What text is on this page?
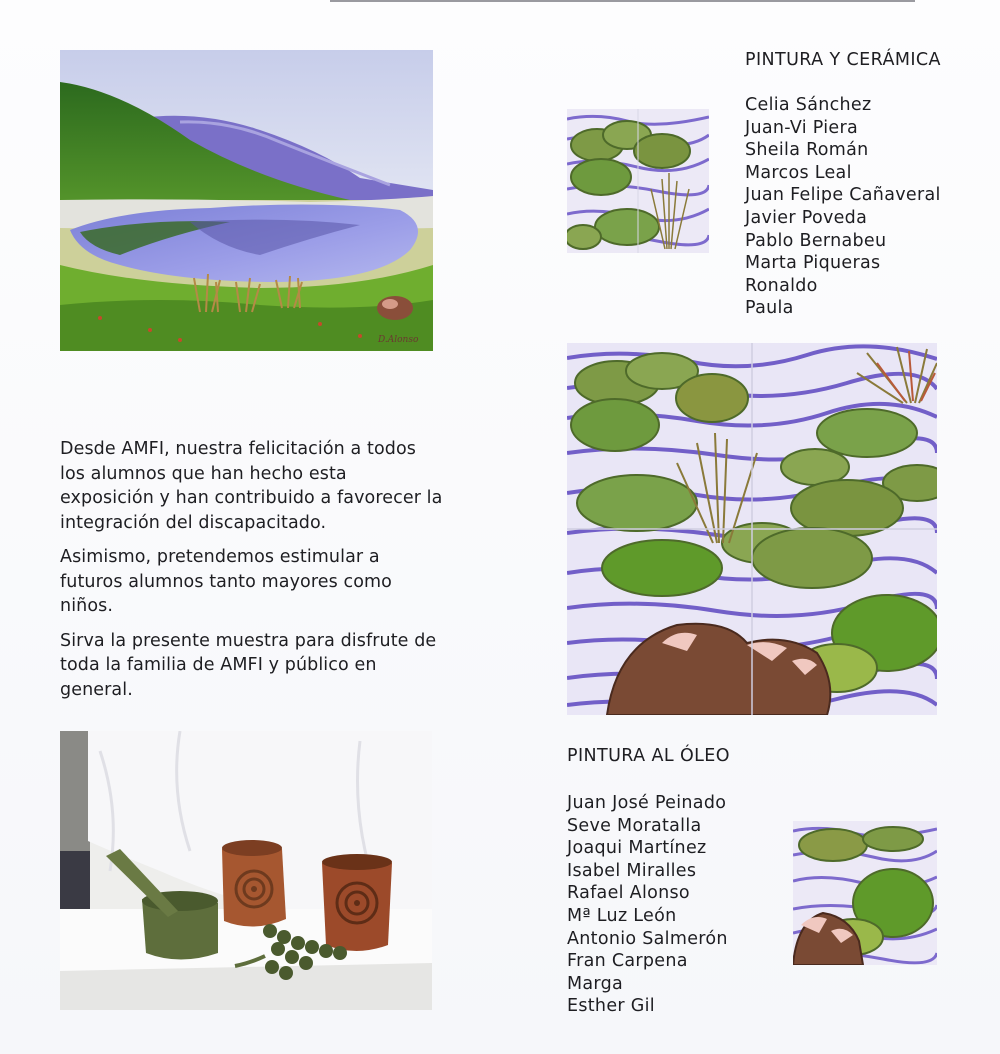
D.Alonso

Desde AMFI, nuestra felicitación a todos los alumnos que han hecho esta exposición y han contribuido a favorecer la integración del discapacitado.

Asimismo, pretendemos estimular a futuros alumnos tanto mayores como niños.

Sirva la presente muestra para disfrute de toda la familia de AMFI y público en general.

PINTURA Y CERÁMICA
Celia Sánchez
Juan-Vi Piera
Sheila Román
Marcos Leal
Juan Felipe Cañaveral
Javier Poveda
Pablo Bernabeu
Marta Piqueras
Ronaldo
Paula
PINTURA AL ÓLEO
Juan José Peinado
Seve Moratalla
Joaqui Martínez
Isabel Miralles
Rafael Alonso
Mª Luz León
Antonio Salmerón
Fran Carpena
Marga
Esther Gil
